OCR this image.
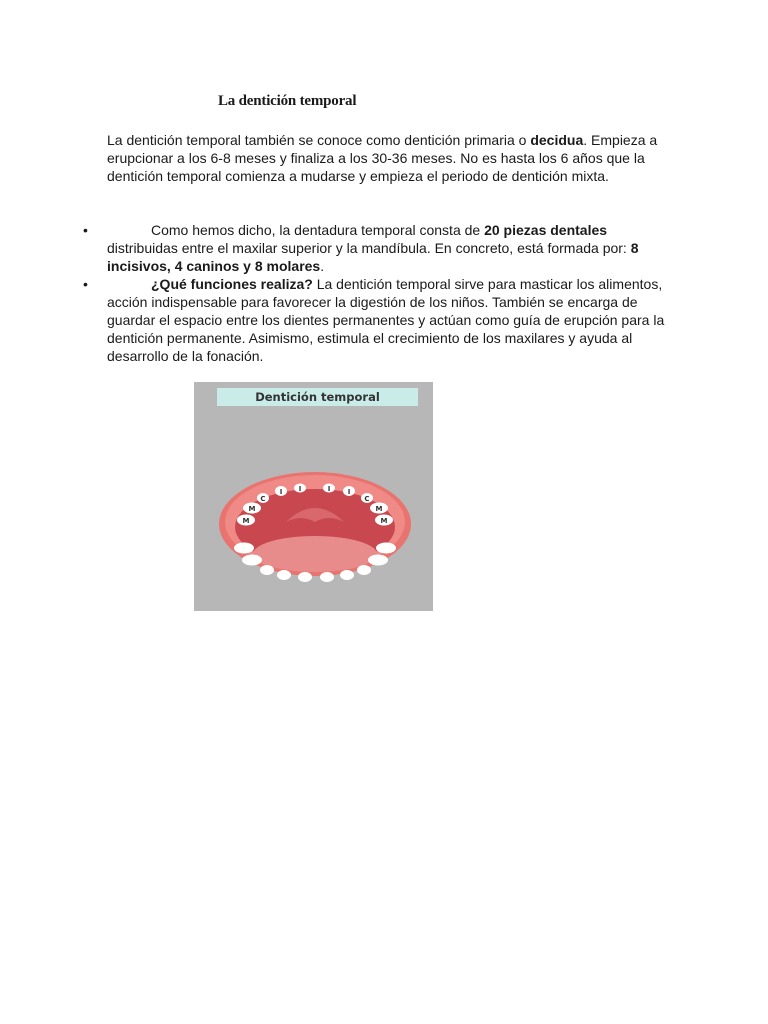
La dentición temporal

La dentición temporal también se conoce como dentición primaria o decidua. Empieza a erupcionar a los 6-8 meses y finaliza a los 30-36 meses. No es hasta los 6 años que la dentición temporal comienza a mudarse y empieza el periodo de dentición mixta.

•	Como hemos dicho, la dentadura temporal consta de 20 piezas dentales distribuidas entre el maxilar superior y la mandíbula. En concreto, está formada por: 8 incisivos, 4 caninos y 8 molares.
•	¿Qué funciones realiza? La dentición temporal sirve para masticar los alimentos, acción indispensable para favorecer la digestión de los niños. También se encarga de guardar el espacio entre los dientes permanentes y actúan como guía de erupción para la dentición permanente. Asimismo, estimula el crecimiento de los maxilares y ayuda al desarrollo de la fonación.
M
M
C
I I	I I
C
M
M
Dentición temporal
